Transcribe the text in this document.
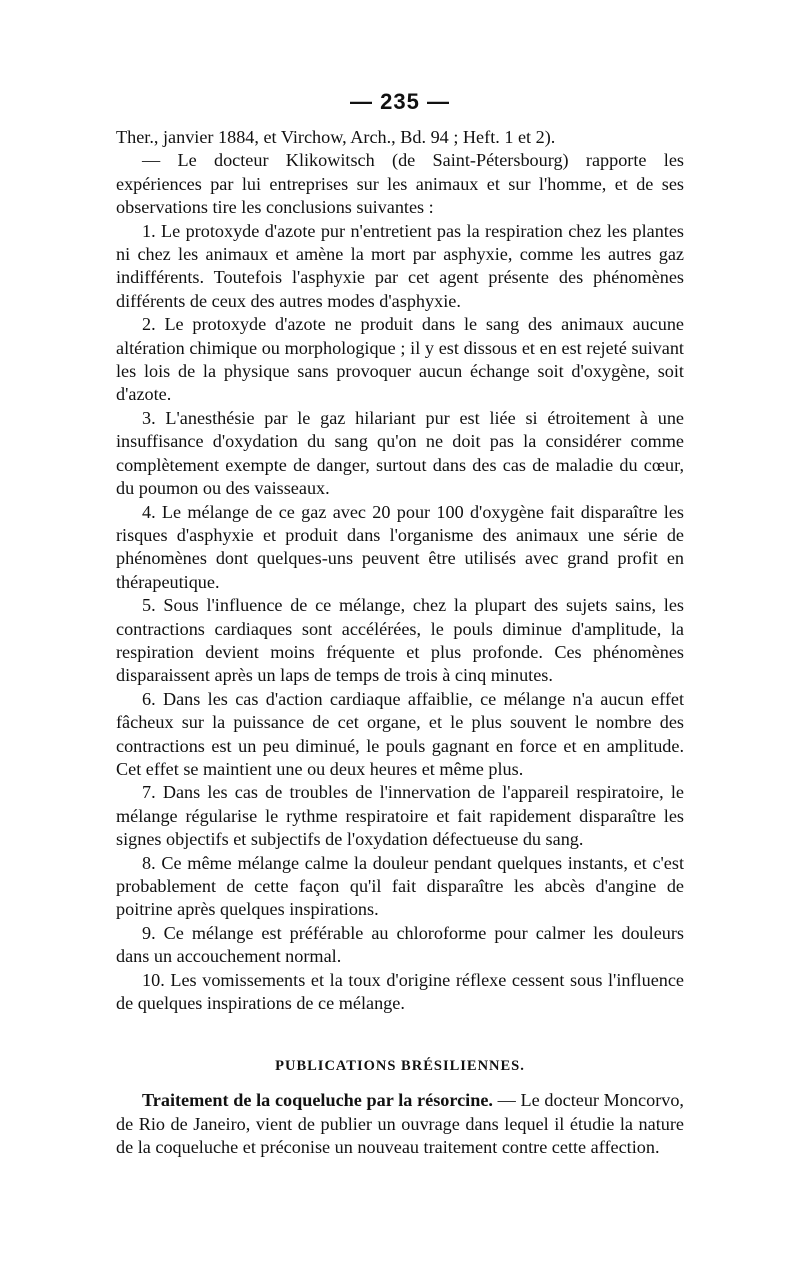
— 235 —

Ther., janvier 1884, et Virchow, Arch., Bd. 94 ; Heft. 1 et 2).

— Le docteur Klikowitsch (de Saint-Pétersbourg) rapporte les expériences par lui entreprises sur les animaux et sur l'homme, et de ses observations tire les conclusions suivantes :

1. Le protoxyde d'azote pur n'entretient pas la respiration chez les plantes ni chez les animaux et amène la mort par asphyxie, comme les autres gaz indifférents. Toutefois l'asphyxie par cet agent présente des phénomènes différents de ceux des autres modes d'asphyxie.

2. Le protoxyde d'azote ne produit dans le sang des animaux aucune altération chimique ou morphologique ; il y est dissous et en est rejeté suivant les lois de la physique sans provoquer aucun échange soit d'oxygène, soit d'azote.

3. L'anesthésie par le gaz hilariant pur est liée si étroitement à une insuffisance d'oxydation du sang qu'on ne doit pas la considérer comme complètement exempte de danger, surtout dans des cas de maladie du cœur, du poumon ou des vaisseaux.

4. Le mélange de ce gaz avec 20 pour 100 d'oxygène fait disparaître les risques d'asphyxie et produit dans l'organisme des animaux une série de phénomènes dont quelques-uns peuvent être utilisés avec grand profit en thérapeutique.

5. Sous l'influence de ce mélange, chez la plupart des sujets sains, les contractions cardiaques sont accélérées, le pouls diminue d'amplitude, la respiration devient moins fréquente et plus profonde. Ces phénomènes disparaissent après un laps de temps de trois à cinq minutes.

6. Dans les cas d'action cardiaque affaiblie, ce mélange n'a aucun effet fâcheux sur la puissance de cet organe, et le plus souvent le nombre des contractions est un peu diminué, le pouls gagnant en force et en amplitude. Cet effet se maintient une ou deux heures et même plus.

7. Dans les cas de troubles de l'innervation de l'appareil respiratoire, le mélange régularise le rythme respiratoire et fait rapidement disparaître les signes objectifs et subjectifs de l'oxydation défectueuse du sang.

8. Ce même mélange calme la douleur pendant quelques instants, et c'est probablement de cette façon qu'il fait disparaître les abcès d'angine de poitrine après quelques inspirations.

9. Ce mélange est préférable au chloroforme pour calmer les douleurs dans un accouchement normal.

10. Les vomissements et la toux d'origine réflexe cessent sous l'influence de quelques inspirations de ce mélange.

PUBLICATIONS BRÉSILIENNES.

Traitement de la coqueluche par la résorcine. — Le docteur Moncorvo, de Rio de Janeiro, vient de publier un ouvrage dans lequel il étudie la nature de la coqueluche et préconise un nouveau traitement contre cette affection.
